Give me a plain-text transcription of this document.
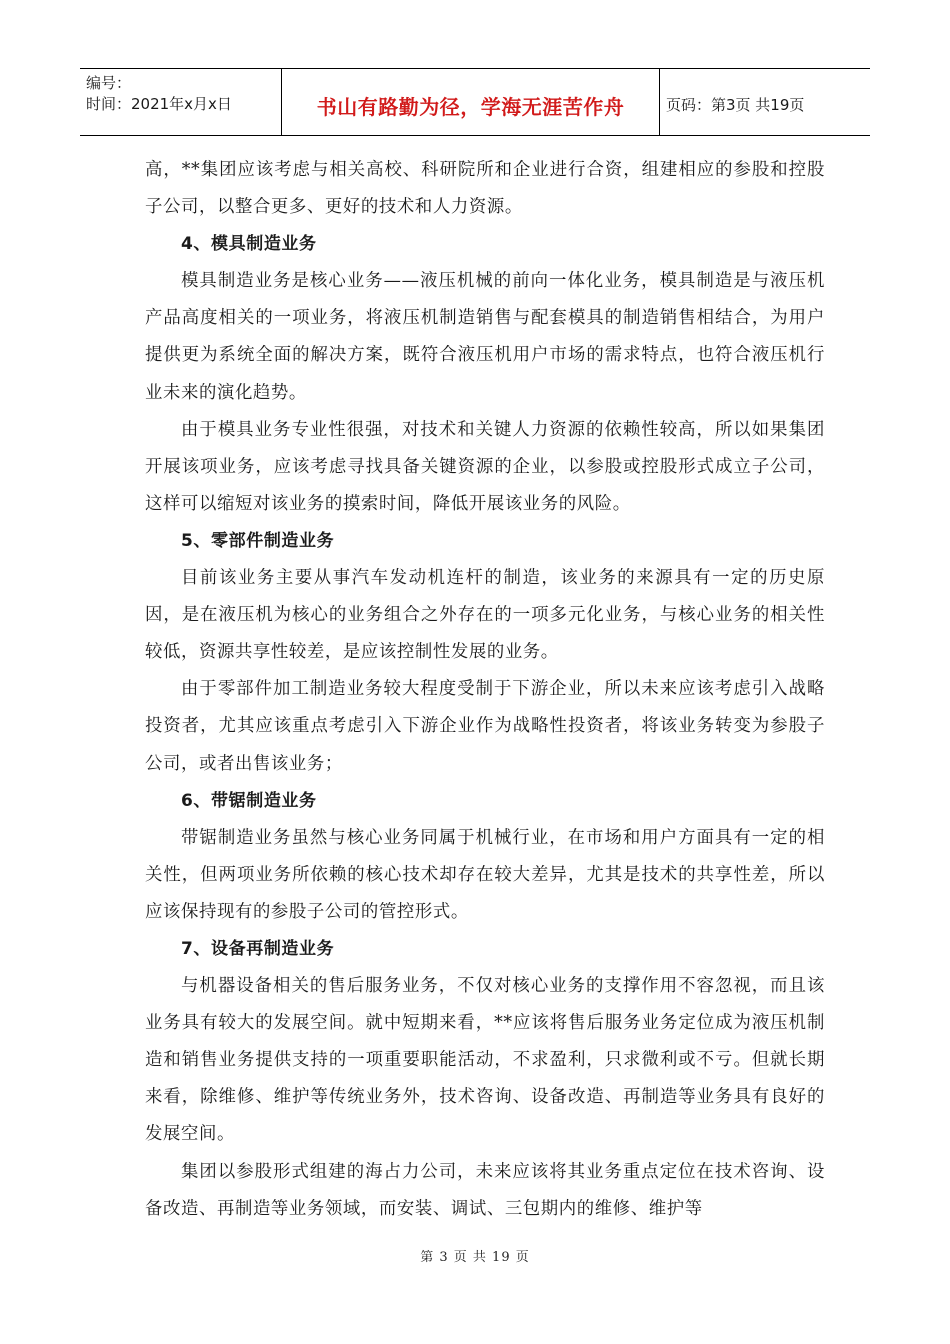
编号：
时间：2021年x月x日	书山有路勤为径，学海无涯苦作舟	页码：第3页 共19页

高，**集团应该考虑与相关高校、科研院所和企业进行合资，组建相应的参股和控股子公司，以整合更多、更好的技术和人力资源。

4、模具制造业务

模具制造业务是核心业务——液压机械的前向一体化业务，模具制造是与液压机产品高度相关的一项业务，将液压机制造销售与配套模具的制造销售相结合，为用户提供更为系统全面的解决方案，既符合液压机用户市场的需求特点，也符合液压机行业未来的演化趋势。

由于模具业务专业性很强，对技术和关键人力资源的依赖性较高，所以如果集团开展该项业务，应该考虑寻找具备关键资源的企业，以参股或控股形式成立子公司，这样可以缩短对该业务的摸索时间，降低开展该业务的风险。

5、零部件制造业务

目前该业务主要从事汽车发动机连杆的制造，该业务的来源具有一定的历史原因，是在液压机为核心的业务组合之外存在的一项多元化业务，与核心业务的相关性较低，资源共享性较差，是应该控制性发展的业务。

由于零部件加工制造业务较大程度受制于下游企业，所以未来应该考虑引入战略投资者，尤其应该重点考虑引入下游企业作为战略性投资者，将该业务转变为参股子公司，或者出售该业务；

6、带锯制造业务

带锯制造业务虽然与核心业务同属于机械行业，在市场和用户方面具有一定的相关性，但两项业务所依赖的核心技术却存在较大差异，尤其是技术的共享性差，所以应该保持现有的参股子公司的管控形式。

7、设备再制造业务

与机器设备相关的售后服务业务，不仅对核心业务的支撑作用不容忽视，而且该业务具有较大的发展空间。就中短期来看，**应该将售后服务业务定位成为液压机制造和销售业务提供支持的一项重要职能活动，不求盈利，只求微利或不亏。但就长期来看，除维修、维护等传统业务外，技术咨询、设备改造、再制造等业务具有良好的发展空间。

集团以参股形式组建的海占力公司，未来应该将其业务重点定位在技术咨询、设备改造、再制造等业务领域，而安装、调试、三包期内的维修、维护等

第 3 页 共 19 页
